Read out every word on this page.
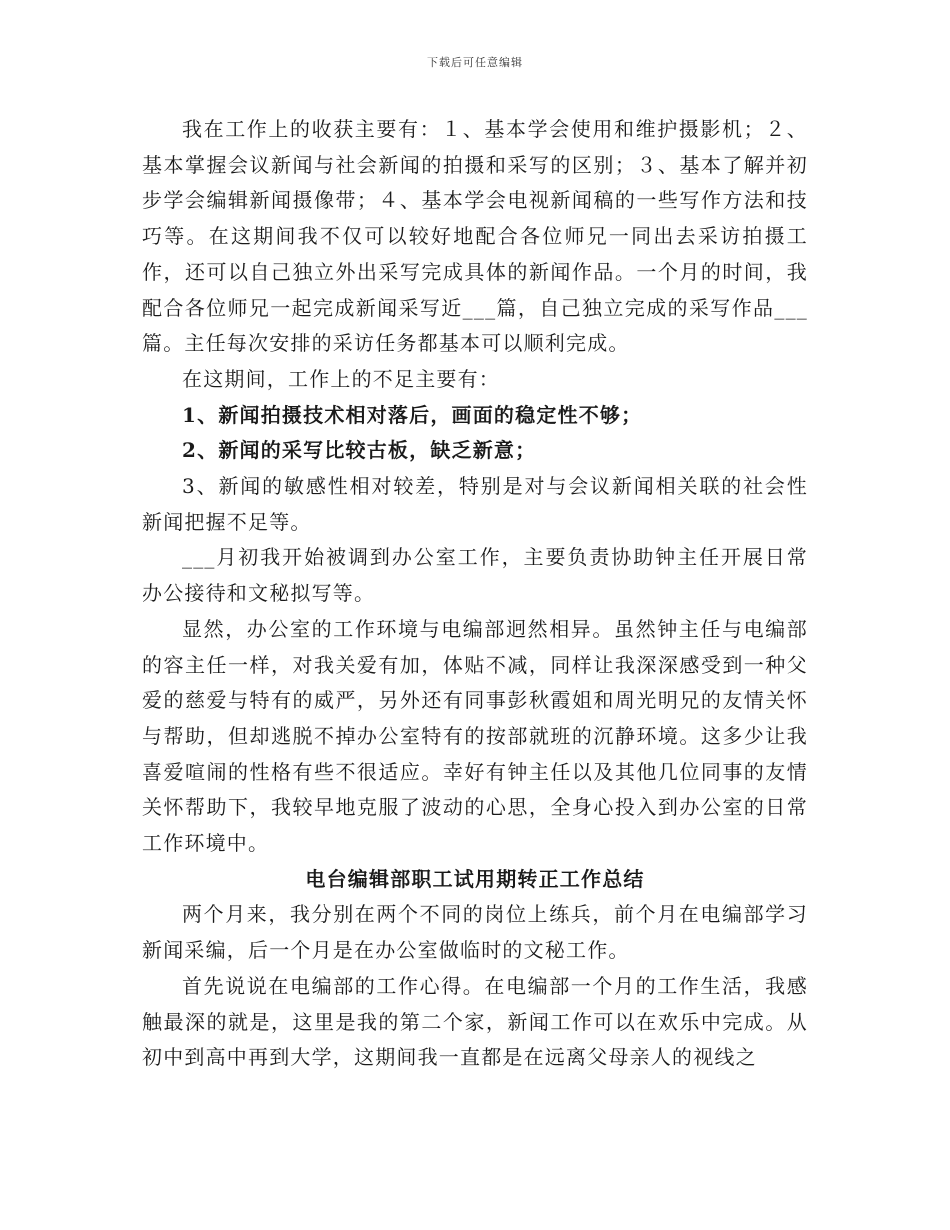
下载后可任意编辑

我在工作上的收获主要有：１、基本学会使用和维护摄影机；２、基本掌握会议新闻与社会新闻的拍摄和采写的区别；３、基本了解并初步学会编辑新闻摄像带；４、基本学会电视新闻稿的一些写作方法和技巧等。在这期间我不仅可以较好地配合各位师兄一同出去采访拍摄工作，还可以自己独立外出采写完成具体的新闻作品。一个月的时间，我配合各位师兄一起完成新闻采写近___篇，自己独立完成的采写作品___篇。主任每次安排的采访任务都基本可以顺利完成。

在这期间，工作上的不足主要有：

1、新闻拍摄技术相对落后，画面的稳定性不够；

2、新闻的采写比较古板，缺乏新意；

3、新闻的敏感性相对较差，特别是对与会议新闻相关联的社会性新闻把握不足等。

___月初我开始被调到办公室工作，主要负责协助钟主任开展日常办公接待和文秘拟写等。

显然，办公室的工作环境与电编部迥然相异。虽然钟主任与电编部的容主任一样，对我关爱有加，体贴不减，同样让我深深感受到一种父爱的慈爱与特有的威严，另外还有同事彭秋霞姐和周光明兄的友情关怀与帮助，但却逃脱不掉办公室特有的按部就班的沉静环境。这多少让我喜爱喧闹的性格有些不很适应。幸好有钟主任以及其他几位同事的友情关怀帮助下，我较早地克服了波动的心思，全身心投入到办公室的日常工作环境中。

电台编辑部职工试用期转正工作总结

两个月来，我分别在两个不同的岗位上练兵，前个月在电编部学习新闻采编，后一个月是在办公室做临时的文秘工作。

首先说说在电编部的工作心得。在电编部一个月的工作生活，我感触最深的就是，这里是我的第二个家，新闻工作可以在欢乐中完成。从初中到高中再到大学，这期间我一直都是在远离父母亲人的视线之
